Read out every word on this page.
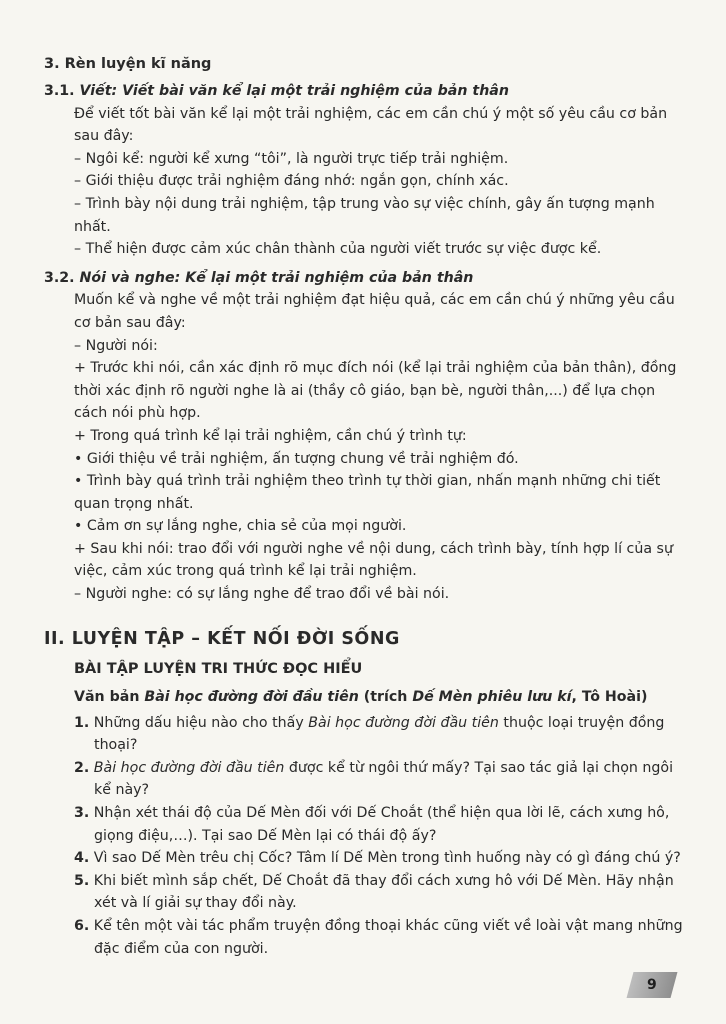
3. Rèn luyện kĩ năng

3.1. Viết: Viết bài văn kể lại một trải nghiệm của bản thân

Để viết tốt bài văn kể lại một trải nghiệm, các em cần chú ý một số yêu cầu cơ bản sau đây:

– Ngôi kể: người kể xưng “tôi”, là người trực tiếp trải nghiệm.

– Giới thiệu được trải nghiệm đáng nhớ: ngắn gọn, chính xác.

– Trình bày nội dung trải nghiệm, tập trung vào sự việc chính, gây ấn tượng mạnh nhất.

– Thể hiện được cảm xúc chân thành của người viết trước sự việc được kể.

3.2. Nói và nghe: Kể lại một trải nghiệm của bản thân

Muốn kể và nghe về một trải nghiệm đạt hiệu quả, các em cần chú ý những yêu cầu cơ bản sau đây:

– Người nói:

+ Trước khi nói, cần xác định rõ mục đích nói (kể lại trải nghiệm của bản thân), đồng thời xác định rõ người nghe là ai (thầy cô giáo, bạn bè, người thân,...) để lựa chọn cách nói phù hợp.

+ Trong quá trình kể lại trải nghiệm, cần chú ý trình tự:

• Giới thiệu về trải nghiệm, ấn tượng chung về trải nghiệm đó.

• Trình bày quá trình trải nghiệm theo trình tự thời gian, nhấn mạnh những chi tiết quan trọng nhất.

• Cảm ơn sự lắng nghe, chia sẻ của mọi người.

+ Sau khi nói: trao đổi với người nghe về nội dung, cách trình bày, tính hợp lí của sự việc, cảm xúc trong quá trình kể lại trải nghiệm.

– Người nghe: có sự lắng nghe để trao đổi về bài nói.

II. LUYỆN TẬP – KẾT NỐI ĐỜI SỐNG

BÀI TẬP LUYỆN TRI THỨC ĐỌC HIỂU

Văn bản Bài học đường đời đầu tiên (trích Dế Mèn phiêu lưu kí, Tô Hoài)

1. Những dấu hiệu nào cho thấy Bài học đường đời đầu tiên thuộc loại truyện đồng thoại?

2. Bài học đường đời đầu tiên được kể từ ngôi thứ mấy? Tại sao tác giả lại chọn ngôi kể này?

3. Nhận xét thái độ của Dế Mèn đối với Dế Choắt (thể hiện qua lời lẽ, cách xưng hô, giọng điệu,…). Tại sao Dế Mèn lại có thái độ ấy?

4. Vì sao Dế Mèn trêu chị Cốc? Tâm lí Dế Mèn trong tình huống này có gì đáng chú ý?

5. Khi biết mình sắp chết, Dế Choắt đã thay đổi cách xưng hô với Dế Mèn. Hãy nhận xét và lí giải sự thay đổi này.

6. Kể tên một vài tác phẩm truyện đồng thoại khác cũng viết về loài vật mang những đặc điểm của con người.

9
